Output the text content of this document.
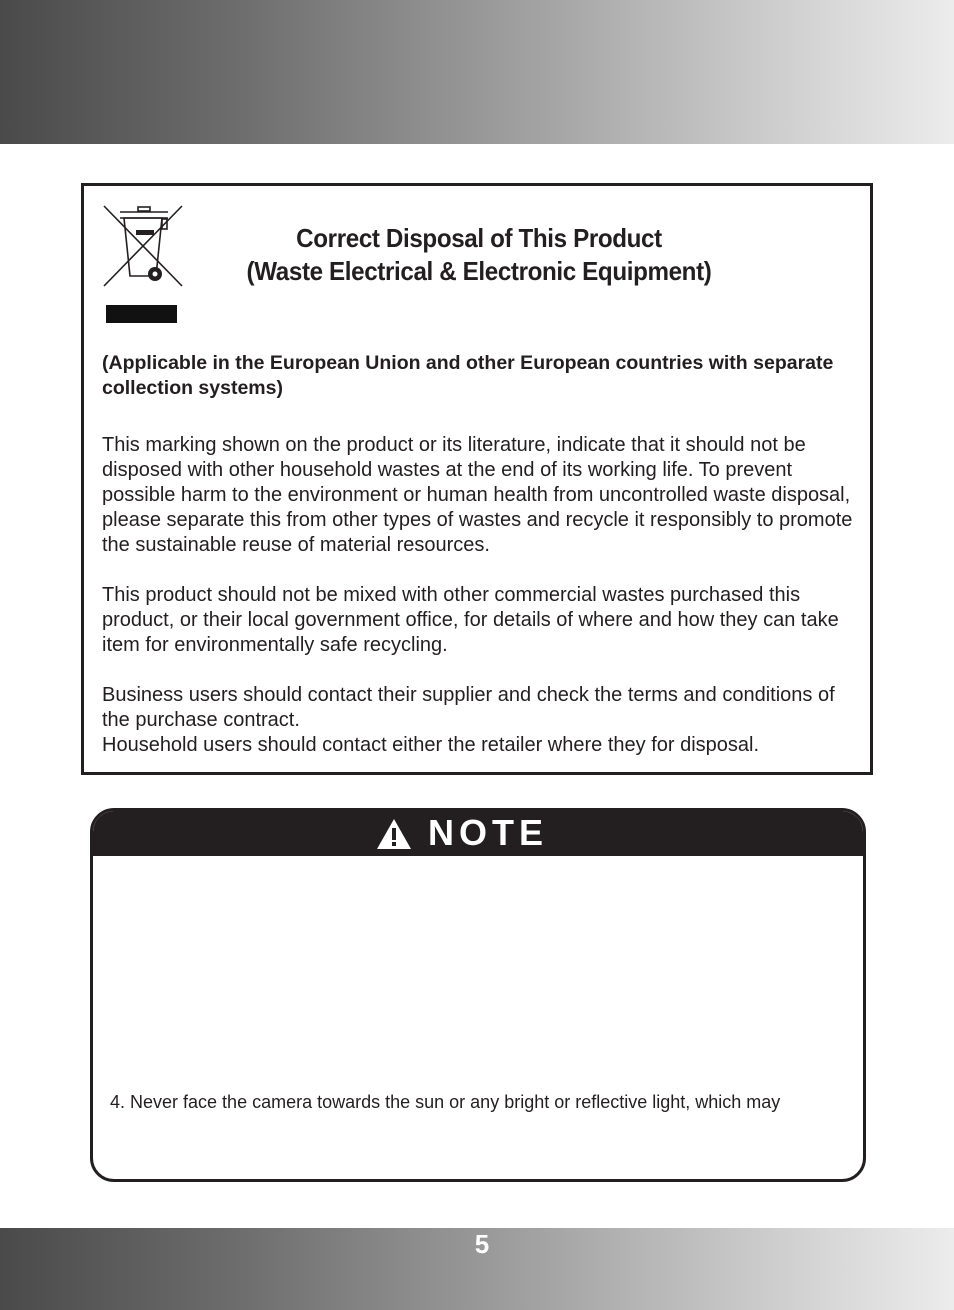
Correct Disposal of This Product
(Waste Electrical & Electronic Equipment)

(Applicable in the European Union and other European countries with separate collection systems)

This marking shown on the product or its literature, indicate that it should not be disposed with other household wastes at the end of its working life. To prevent possible harm to the environment or human health from uncontrolled waste disposal, please separate this from other types of wastes and recycle it responsibly to promote the sustainable reuse of material resources.

This product should not be mixed with other commercial wastes purchased this product, or their local government office, for details of where and how they can take item for environmentally safe recycling.

Business users should contact their supplier and check the terms and conditions of the purchase contract.

Household users should contact either the retailer where they for disposal.

NOTE
4. Never face the camera towards the sun or any bright or reflective light, which may
5
